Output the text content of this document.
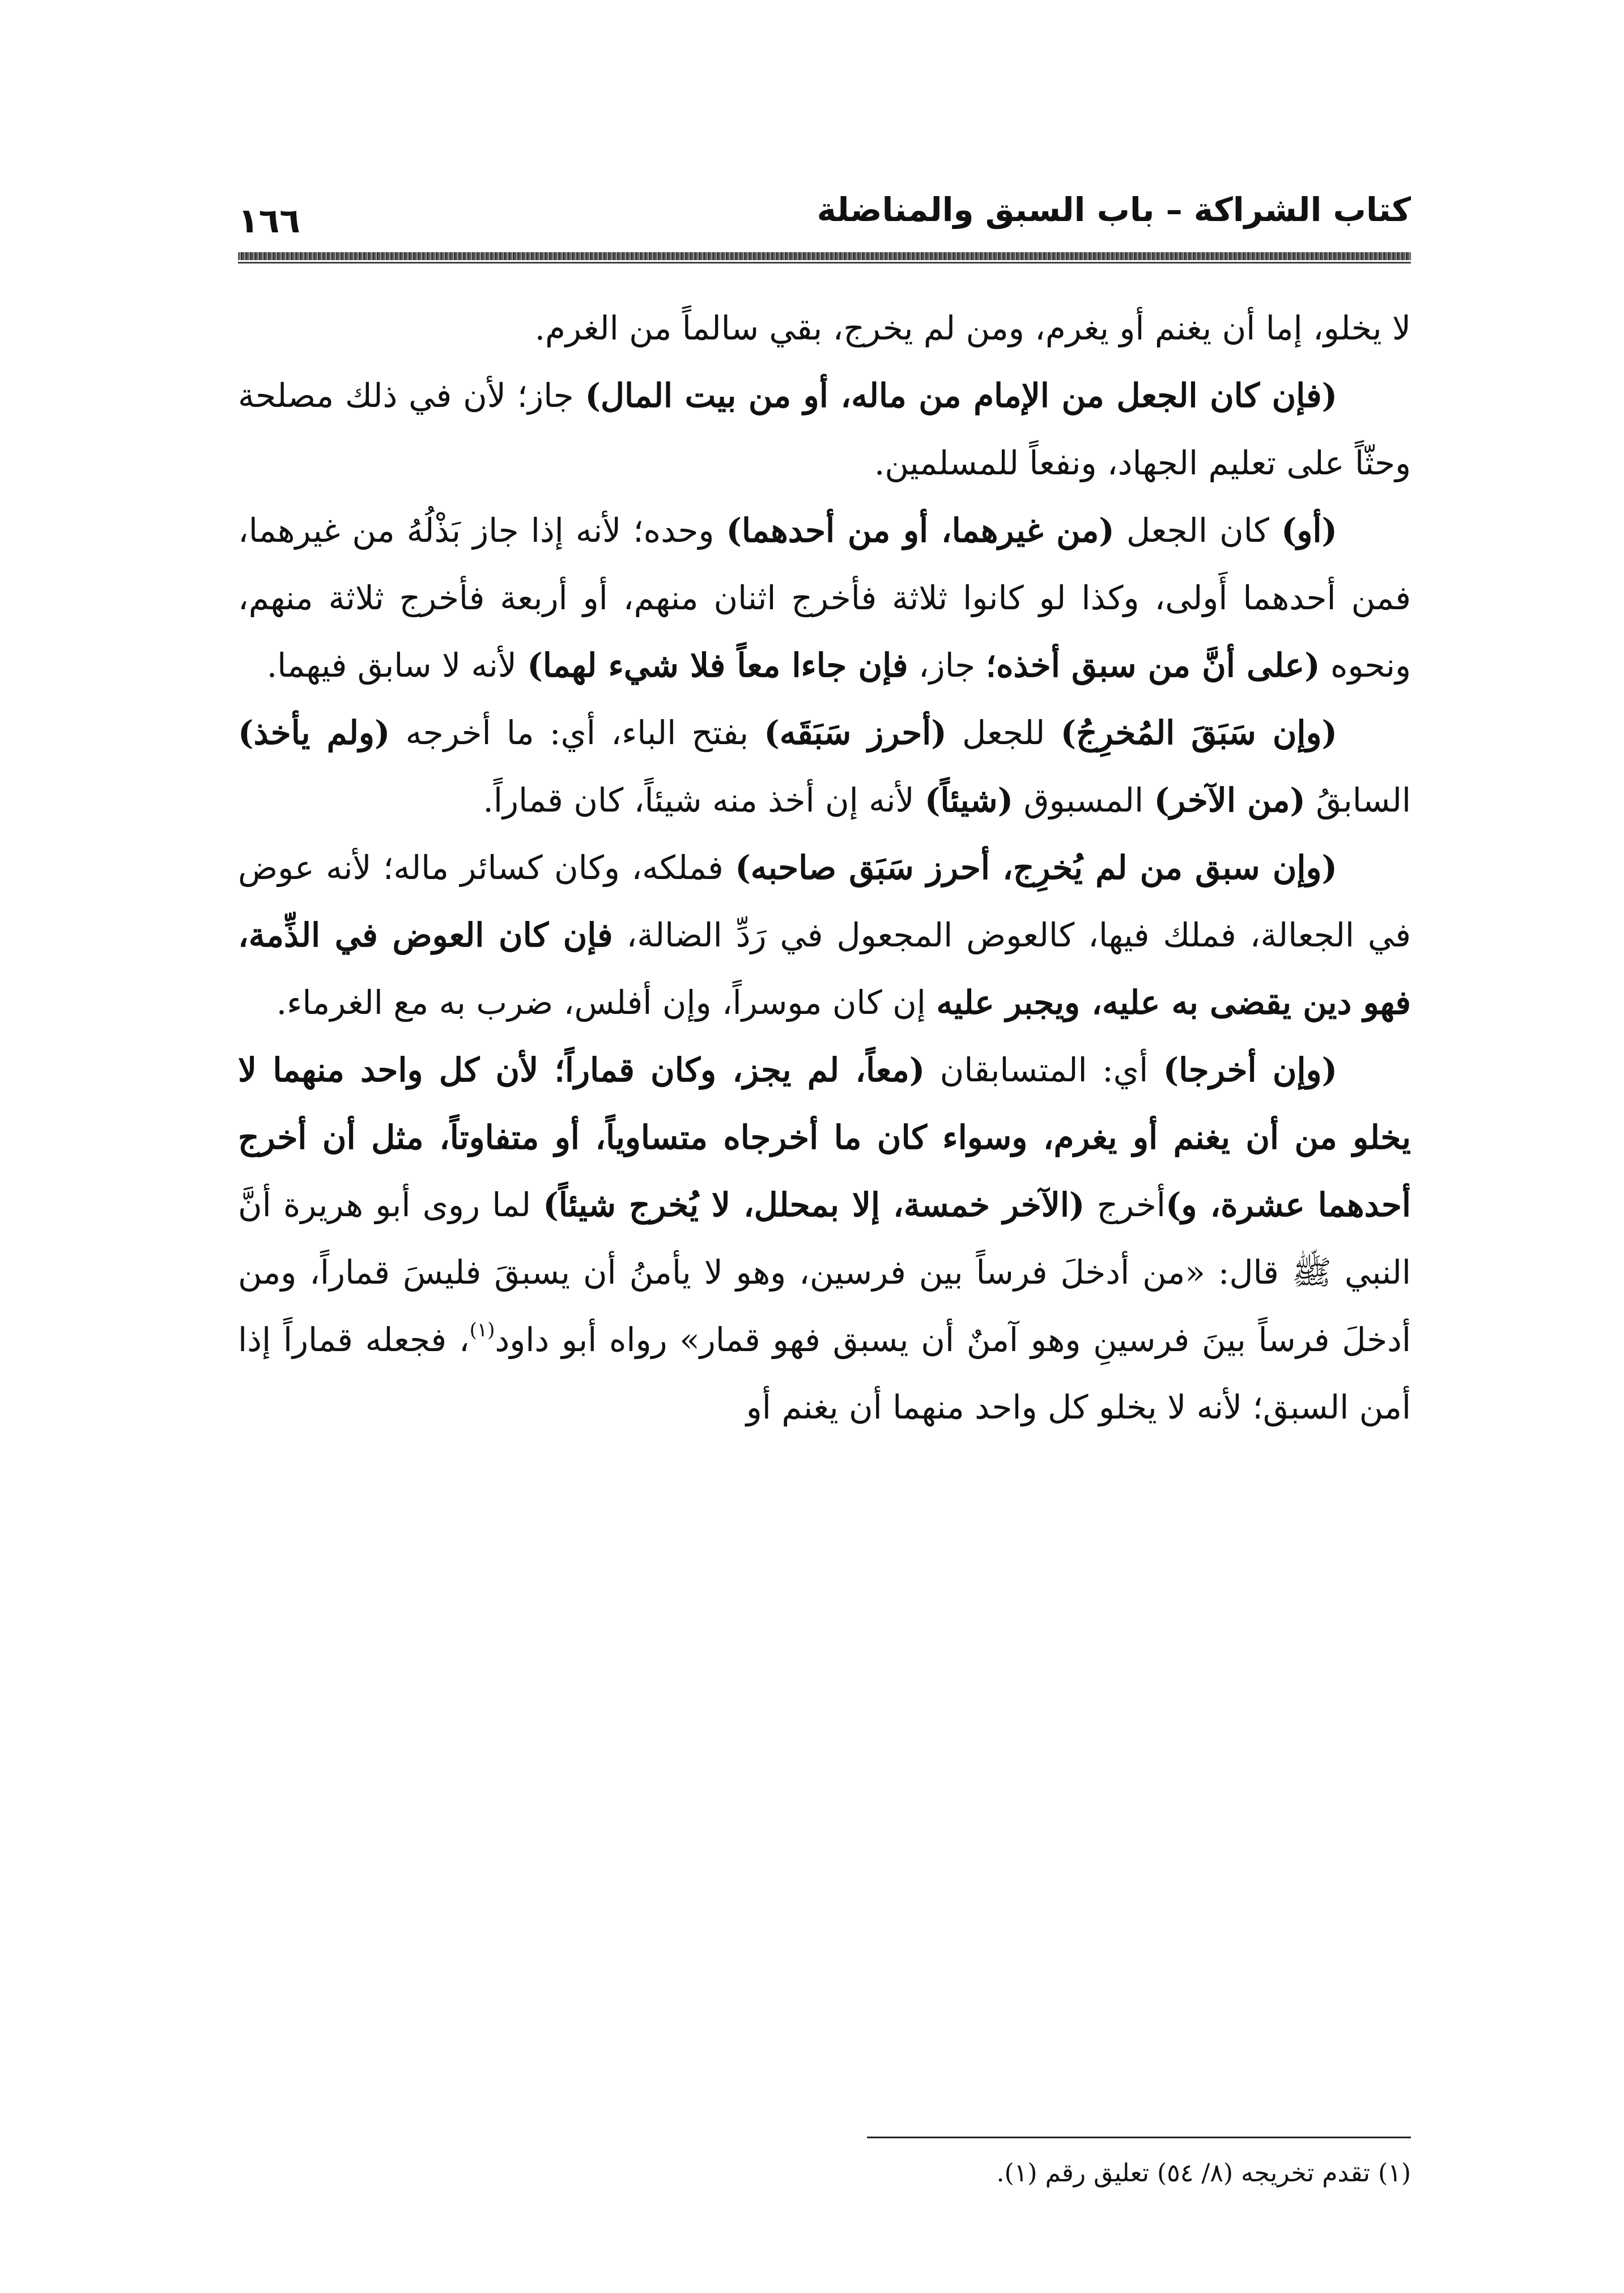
كتاب الشراكة – باب السبق والمناضلة
١٦٦

لا يخلو، إما أن يغنم أو يغرم، ومن لم يخرج، بقي سالماً من الغرم.

(فإن كان الجعل من الإمام من ماله، أو من بيت المال) جاز؛ لأن في ذلك مصلحة وحثّاً على تعليم الجهاد، ونفعاً للمسلمين.

(أو) كان الجعل (من غيرهما، أو من أحدهما) وحده؛ لأنه إذا جاز بَذْلُهُ من غيرهما، فمن أحدهما أَولى، وكذا لو كانوا ثلاثة فأخرج اثنان منهم، أو أربعة فأخرج ثلاثة منهم، ونحوه (على أنَّ من سبق أخذه؛ جاز، فإن جاءا معاً فلا شيء لهما) لأنه لا سابق فيهما.

(وإن سَبَقَ المُخرِجُ) للجعل (أحرز سَبَقَه) بفتح الباء، أي: ما أخرجه (ولم يأخذ) السابقُ (من الآخر) المسبوق (شيئاً) لأنه إن أخذ منه شيئاً، كان قماراً.

(وإن سبق من لم يُخرِج، أحرز سَبَق صاحبه) فملكه، وكان كسائر ماله؛ لأنه عوض في الجعالة، فملك فيها، كالعوض المجعول في رَدِّ الضالة، فإن كان العوض في الذِّمة، فهو دين يقضى به عليه، ويجبر عليه إن كان موسراً، وإن أفلس، ضرب به مع الغرماء.

(وإن أخرجا) أي: المتسابقان (معاً، لم يجز، وكان قماراً؛ لأن كل واحد منهما لا يخلو من أن يغنم أو يغرم، وسواء كان ما أخرجاه متساوياً، أو متفاوتاً، مثل أن أخرج أحدهما عشرة، و)أخرج (الآخر خمسة، إلا بمحلل، لا يُخرج شيئاً) لما روى أبو هريرة أنَّ النبي ﷺ قال: «من أدخلَ فرساً بين فرسين، وهو لا يأمنُ أن يسبقَ فليسَ قماراً، ومن أدخلَ فرساً بينَ فرسينِ وهو آمنٌ أن يسبق فهو قمار» رواه أبو داود$^{(١)}$، فجعله قماراً إذا أمن السبق؛ لأنه لا يخلو كل واحد منهما أن يغنم أو

(١) تقدم تخريجه (٨/ ٥٤) تعليق رقم (١).
